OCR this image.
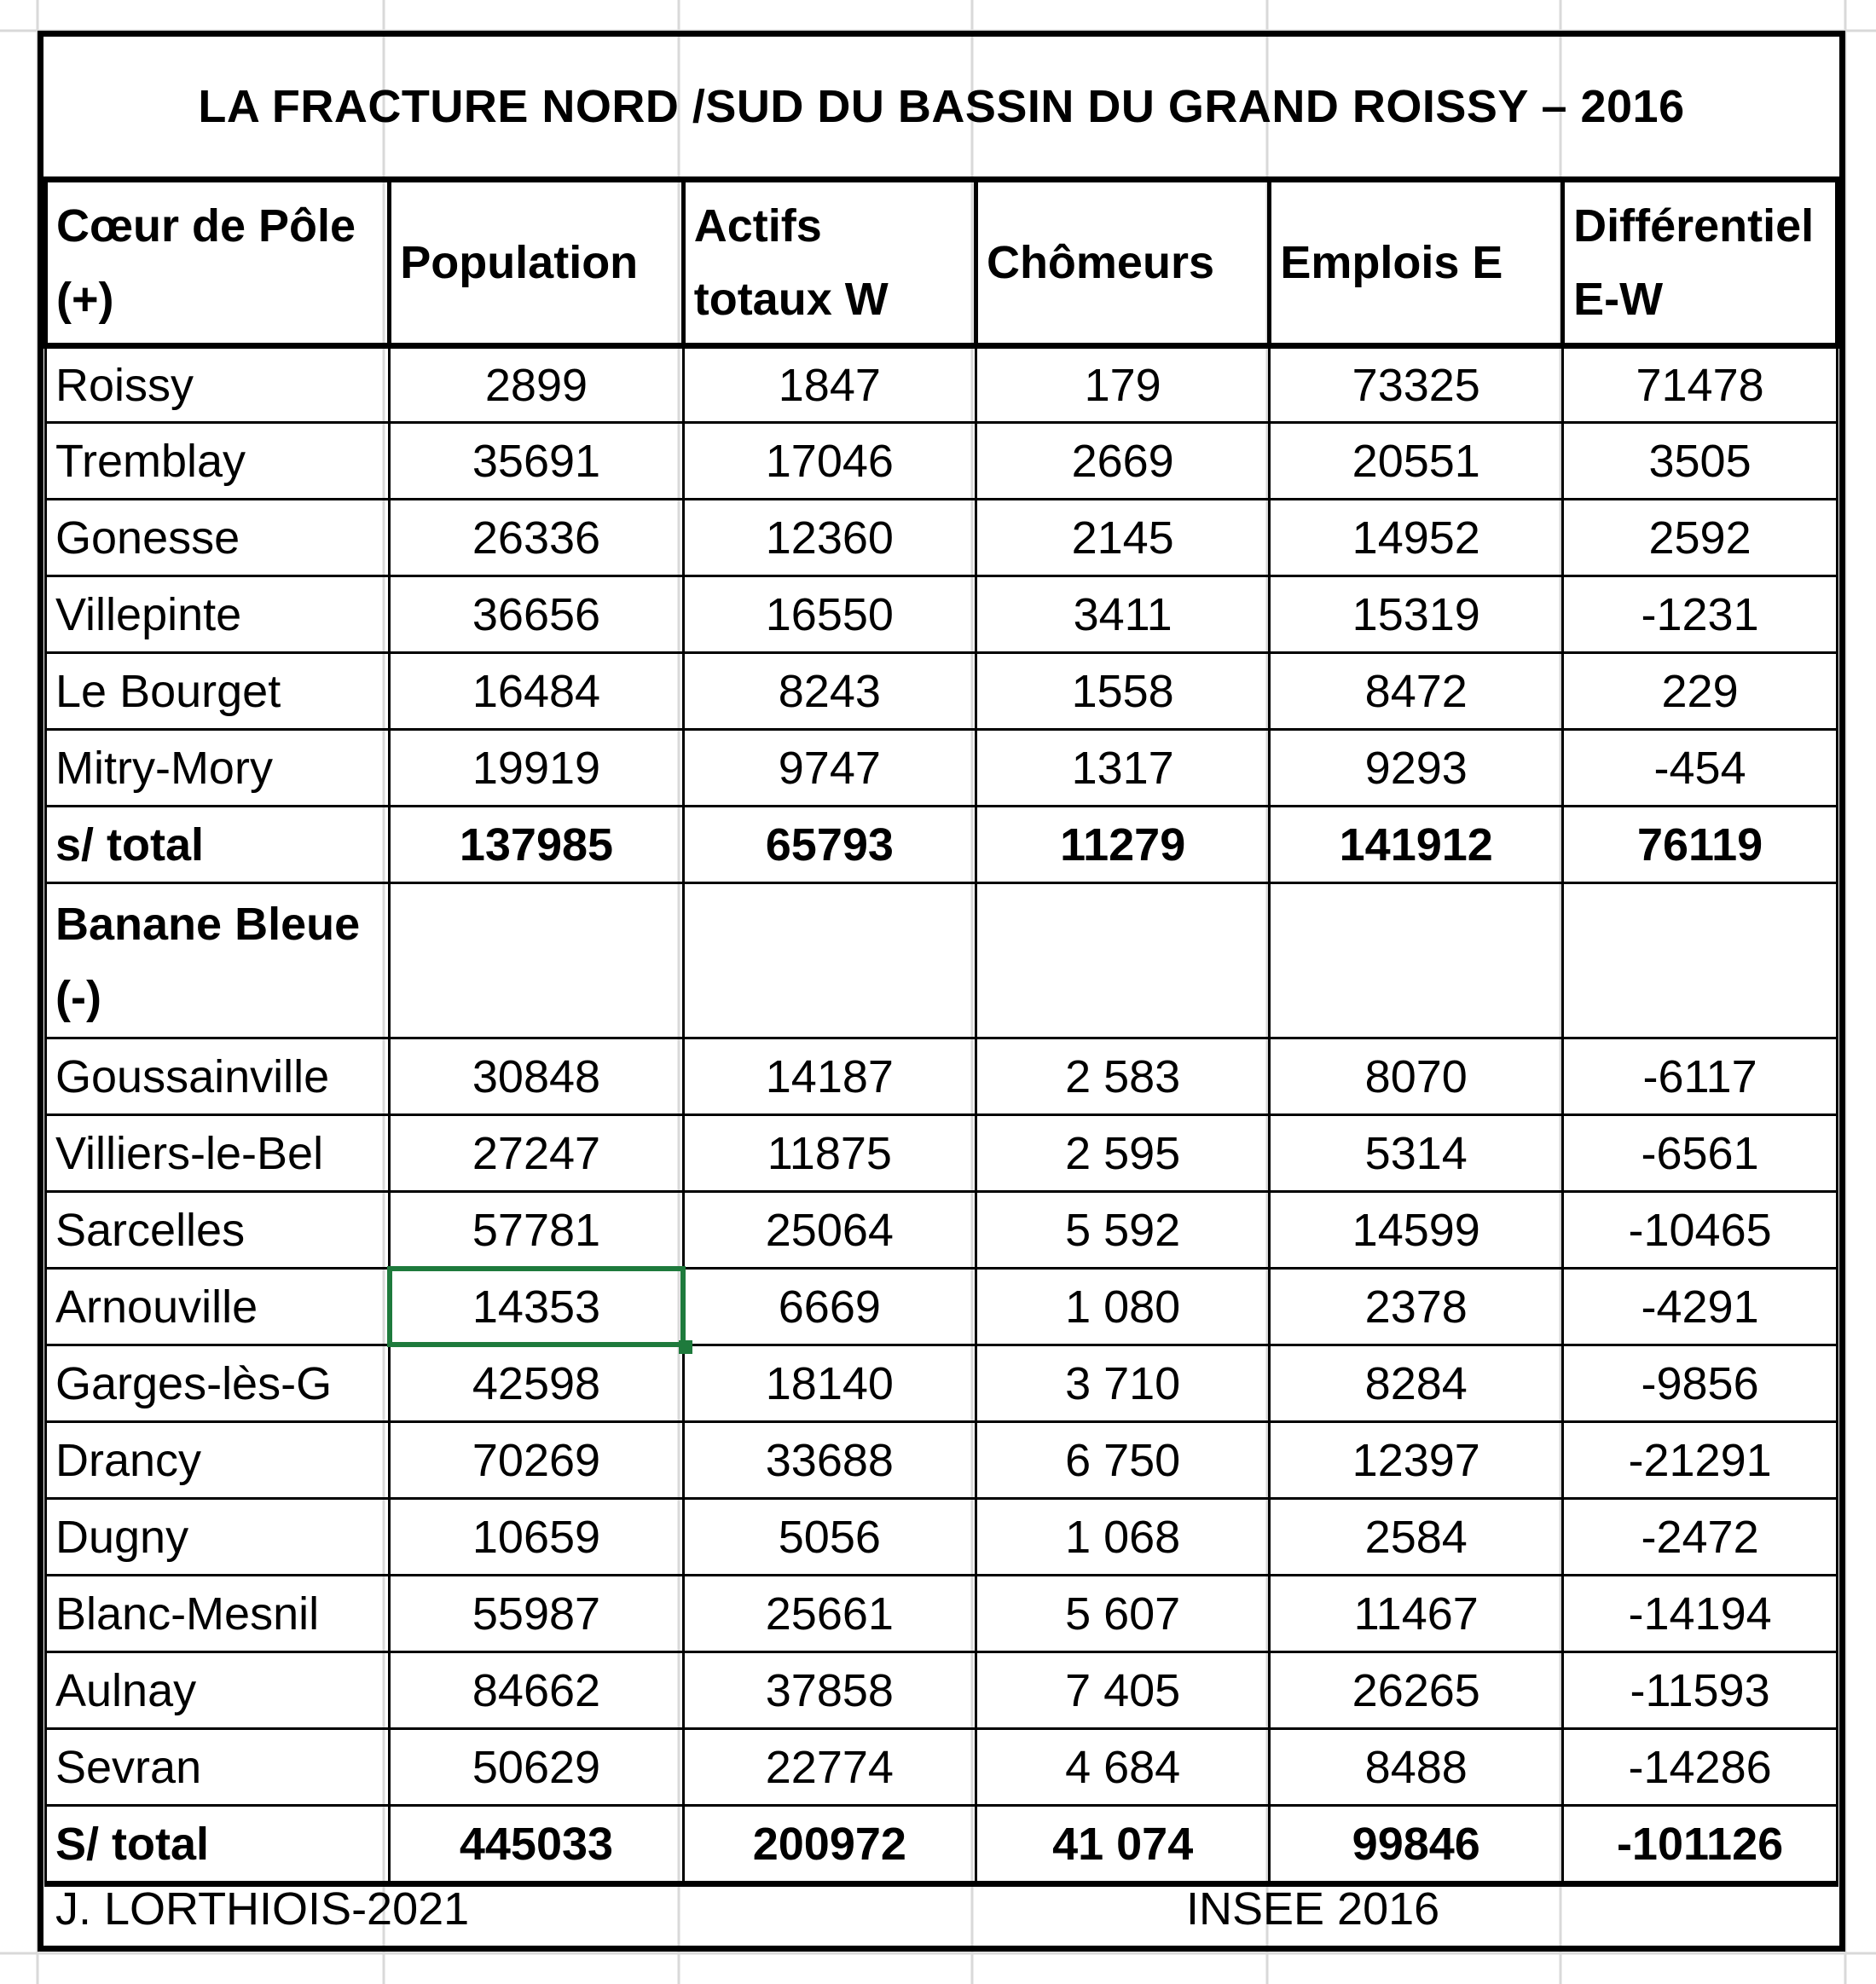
LA FRACTURE NORD /SUD DU BASSIN DU GRAND ROISSY – 2016
Cœur de Pôle (+)	Population	Actifs totaux W	Chômeurs	Emplois E	Différentiel E-W
Roissy	2899	1847	179	73325	71478
Tremblay	35691	17046	2669	20551	3505
Gonesse	26336	12360	2145	14952	2592
Villepinte	36656	16550	3411	15319	-1231
Le Bourget	16484	8243	1558	8472	229
Mitry-Mory	19919	9747	1317	9293	-454
s/ total	137985	65793	11279	141912	76119
Banane Bleue (-)					
Goussainville	30848	14187	2 583	8070	-6117
Villiers-le-Bel	27247	11875	2 595	5314	-6561
Sarcelles	57781	25064	5 592	14599	-10465
Arnouville	14353	6669	1 080	2378	-4291
Garges-lès-G	42598	18140	3 710	8284	-9856
Drancy	70269	33688	6 750	12397	-21291
Dugny	10659	5056	1 068	2584	-2472
Blanc-Mesnil	55987	25661	5 607	11467	-14194
Aulnay	84662	37858	7 405	26265	-11593
Sevran	50629	22774	4 684	8488	-14286
S/ total	445033	200972	41 074	99846	-101126
J. LORTHIOIS-2021	INSEE 2016
